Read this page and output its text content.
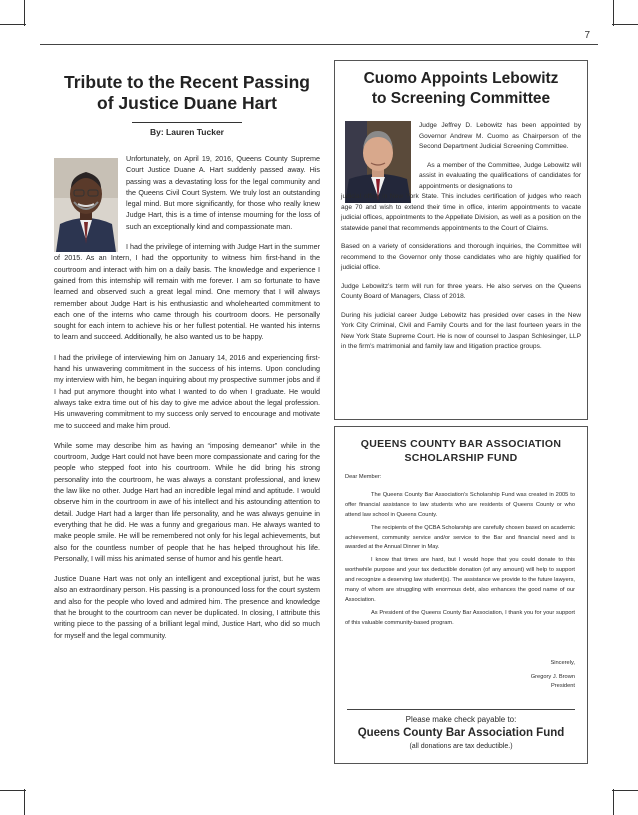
7
Tribute to the Recent Passing
of Justice Duane Hart
By: Lauren Tucker

Unfortunately, on April 19, 2016, Queens County Supreme Court Justice Duane A. Hart suddenly passed away. His passing was a devastating loss for the legal community and the Queens Civil Court System. We truly lost an outstanding legal mind. But more significantly, for those who really knew Judge Hart, this is a time of intense mourning for the loss of such an exceptionally kind and compassionate man.

I had the privilege of interning with Judge Hart in the summer of 2015. As an Intern, I had the opportunity to witness him first-hand in the courtroom and interact with him on a daily basis. The knowledge and experience I gained from this internship will remain with me forever. I am so fortunate to have learned and observed such a great legal mind. One memory that I will always remember about Judge Hart is his enthusiastic and wholehearted commitment to each one of the interns who came through his courtroom doors. He personally sought for each intern to achieve his or her fullest potential. He wanted his interns to learn and succeed. Additionally, he also wanted us to be happy.

I had the privilege of interviewing him on January 14, 2016 and experiencing first-hand his unwavering commitment in the success of his interns. Upon concluding my interview with him, he began inquiring about my prospective summer jobs and if I had put anymore thought into what I wanted to do when I graduate. He would always take extra time out of his day to give me advice about the legal profession. His unwavering commitment to my success only served to encourage and motivate me to succeed and make him proud.

While some may describe him as having an “imposing demeanor” while in the courtroom, Judge Hart could not have been more compassionate and caring for the people who stepped foot into his courtroom. While he did bring his strong personality into the courtroom, he was always a constant professional, and knew the law like no other. Judge Hart had an incredible legal mind and aptitude. I would observe him in the courtroom in awe of his intellect and his astounding attention to detail. Judge Hart had a larger than life personality, and he was always genuine in everything that he did. He was a funny and gregarious man. He always wanted to make people smile. He will be remembered not only for his legal achievements, but also for the countless number of people that he has helped throughout his life. Personally, I will miss his animated sense of humor and his gentle heart.

Justice Duane Hart was not only an intelligent and exceptional jurist, but he was also an extraordinary person. His passing is a pronounced loss for the court system and also for the people who loved and admired him. The presence and knowledge that he brought to the courtroom can never be duplicated. In closing, I attribute this writing piece to the passing of a brilliant legal mind, Justice Hart, who did so much for myself and the legal community.

Cuomo Appoints Lebowitz
to Screening Committee

Judge Jeffrey D. Lebowitz has been appointed by Governor Andrew M. Cuomo as Chairperson of the Second Department Judicial Screening Committee.

As a member of the Committee, Judge Lebowitz will assist in evaluating the qualifications of candidates for appointments or designations to

judicial office in New York State. This includes certification of judges who reach age 70 and wish to extend their time in office, interim appointments to vacate judicial offices, appointments to the Appellate Division, as well as a position on the statewide panel that recommends appointments to the Court of Claims.

Based on a variety of considerations and thorough inquiries, the Committee will recommend to the Governor only those candidates who are highly qualified for judicial office.

Judge Lebowitz’s term will run for three years. He also serves on the Queens County Board of Managers, Class of 2018.

During his judicial career Judge Lebowitz has presided over cases in the New York City Criminal, Civil and Family Courts and for the last fourteen years in the New York State Supreme Court. He is now of counsel to Jaspan Schlesinger, LLP in the firm’s matrimonial and family law and litigation practice groups.

QUEENS COUNTY BAR ASSOCIATION
SCHOLARSHIP FUND

Dear Member:

The Queens County Bar Association’s Scholarship Fund was created in 2005 to offer financial assistance to law students who are residents of Queens County or who attend law school in Queens County.

The recipients of the QCBA Scholarship are carefully chosen based on academic achievement, community service and/or service to the Bar and financial need and is awarded at the Annual Dinner in May.

I know that times are hard, but I would hope that you could donate to this worthwhile purpose and your tax deductible donation (of any amount) will help to support and recognize a deserving law student(s). The assistance we provide to the future lawyers, many of whom are struggling with enormous debt, also enhances the good name of our Association.

As President of the Queens County Bar Association, I thank you for your support of this valuable community-based program.

Sincerely,
Gregory J. Brown
President
Please make check payable to:
Queens County Bar Association Fund
(all donations are tax deductible.)
